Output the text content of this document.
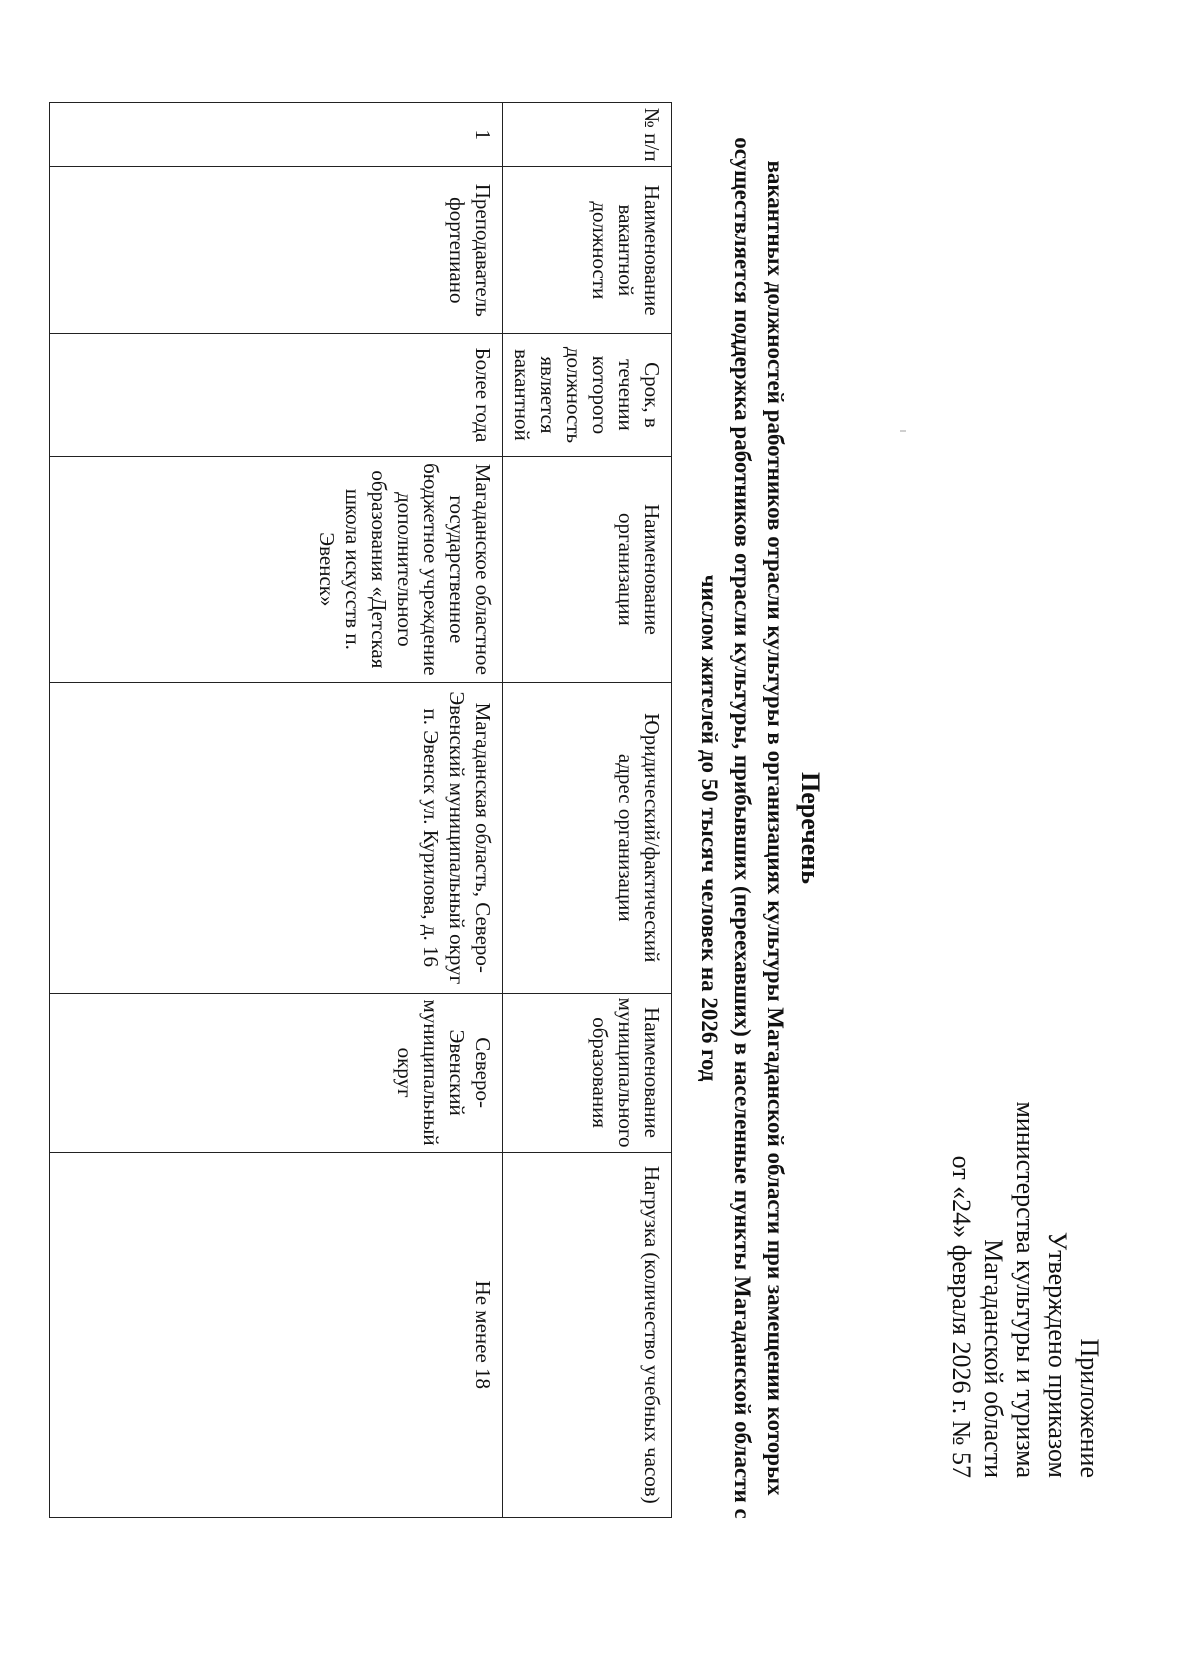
Приложение
Утверждено приказом
министерства культуры и туризма
Магаданской области
от «24» февраля 2026 г. № 57
Перечень
вакантных должностей работников отрасли культуры в организациях культуры Магаданской области при замещении которых осуществляется поддержка работников отрасли культуры, прибывших (переехавших) в населенные пункты Магаданской области с числом жителей до 50 тысяч человек на 2026 год
№ п/п	Наименование вакантной должности	Срок, в течении которого должность является вакантной	Наименование организации	Юридический/фактический адрес организации	Наименование муниципального образования	Нагрузка (количество учебных часов)
1	Преподаватель фортепиано	Более года	Магаданское областное государственное бюджетное учреждение дополнительного образования «Детская школа искусств п. Эвенск»	Магаданская область, Северо-Эвенский муниципальный округ п. Эвенск ул. Курилова, д. 16	Северо-Эвенский муниципальный округ	Не менее 18
